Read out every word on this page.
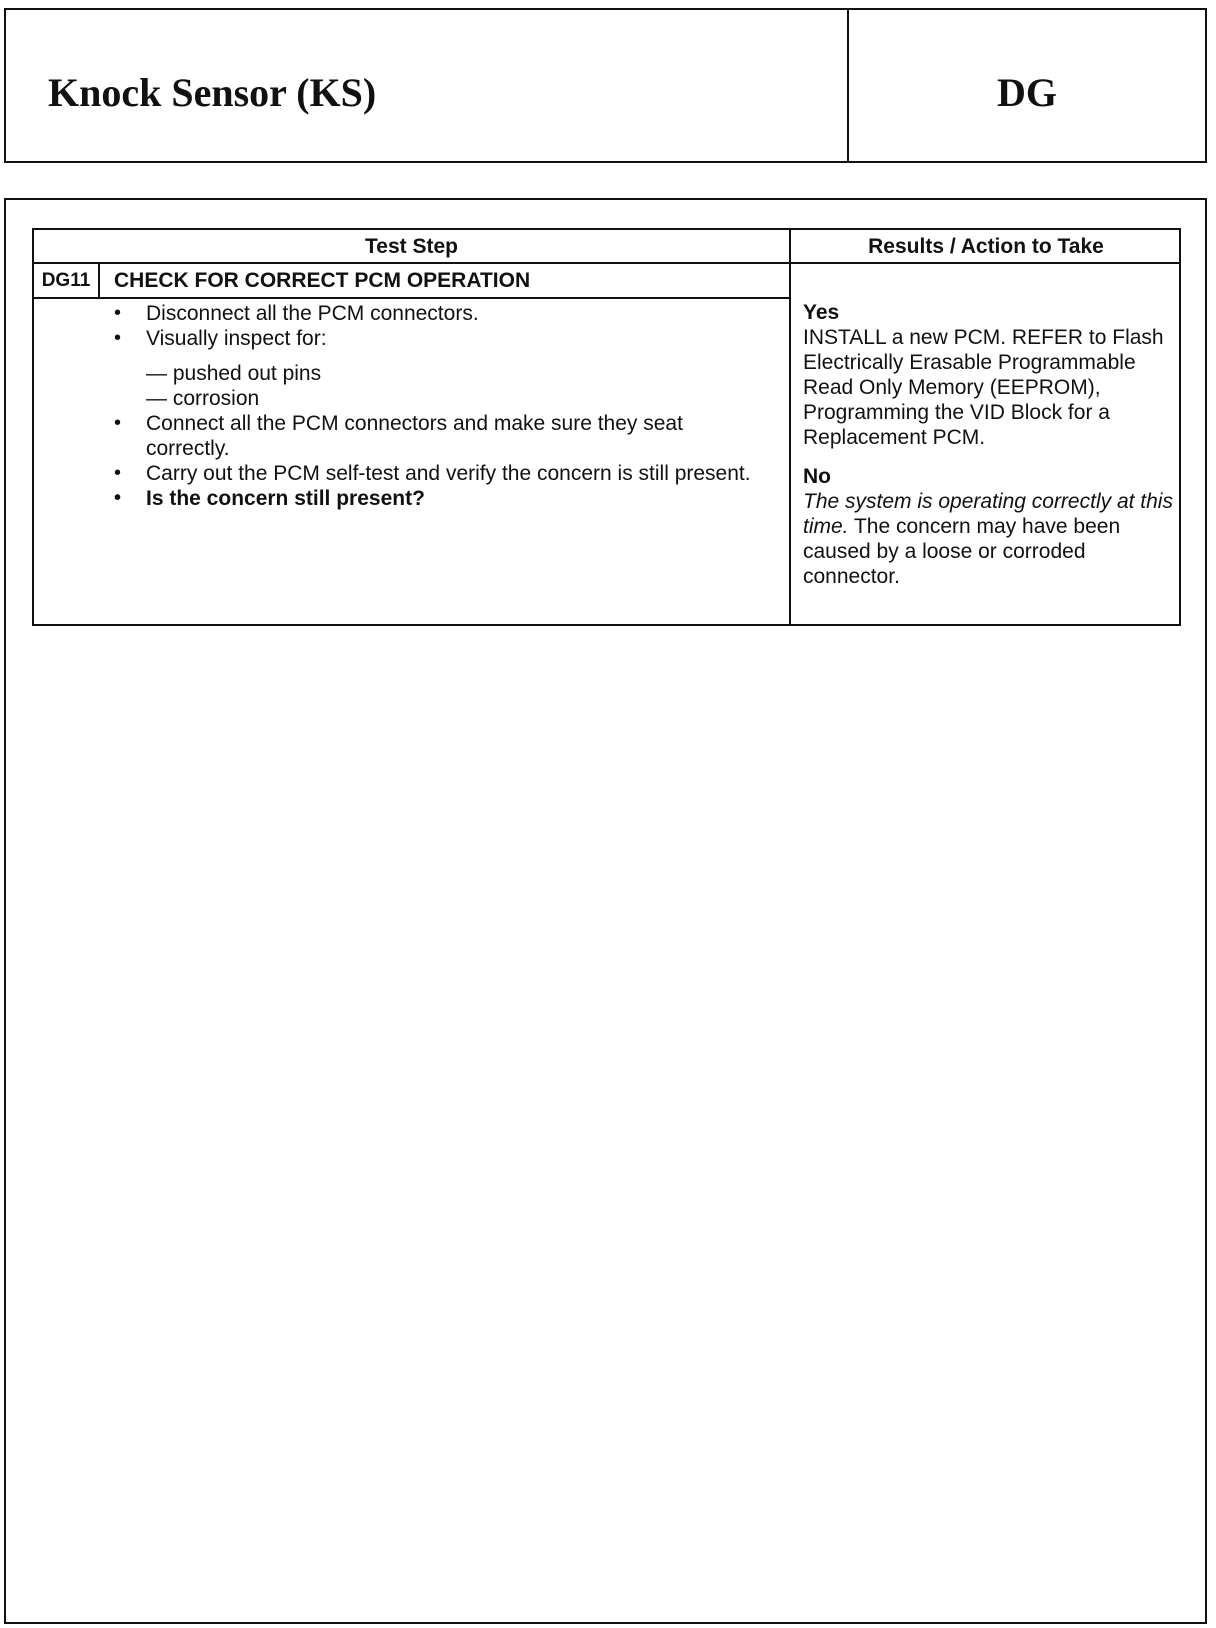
Knock Sensor (KS)	DG
Test Step	Results / Action to Take
DG11	CHECK FOR CORRECT PCM OPERATION
• Disconnect all the PCM connectors.
• Visually inspect for:
— pushed out pins
— corrosion
• Connect all the PCM connectors and make sure they seat correctly.
• Carry out the PCM self-test and verify the concern is still present.
• Is the concern still present?
Yes
INSTALL a new PCM. REFER to Flash Electrically Erasable Programmable Read Only Memory (EEPROM), Programming the VID Block for a Replacement PCM.
No
The system is operating correctly at this time. The concern may have been caused by a loose or corroded connector.
